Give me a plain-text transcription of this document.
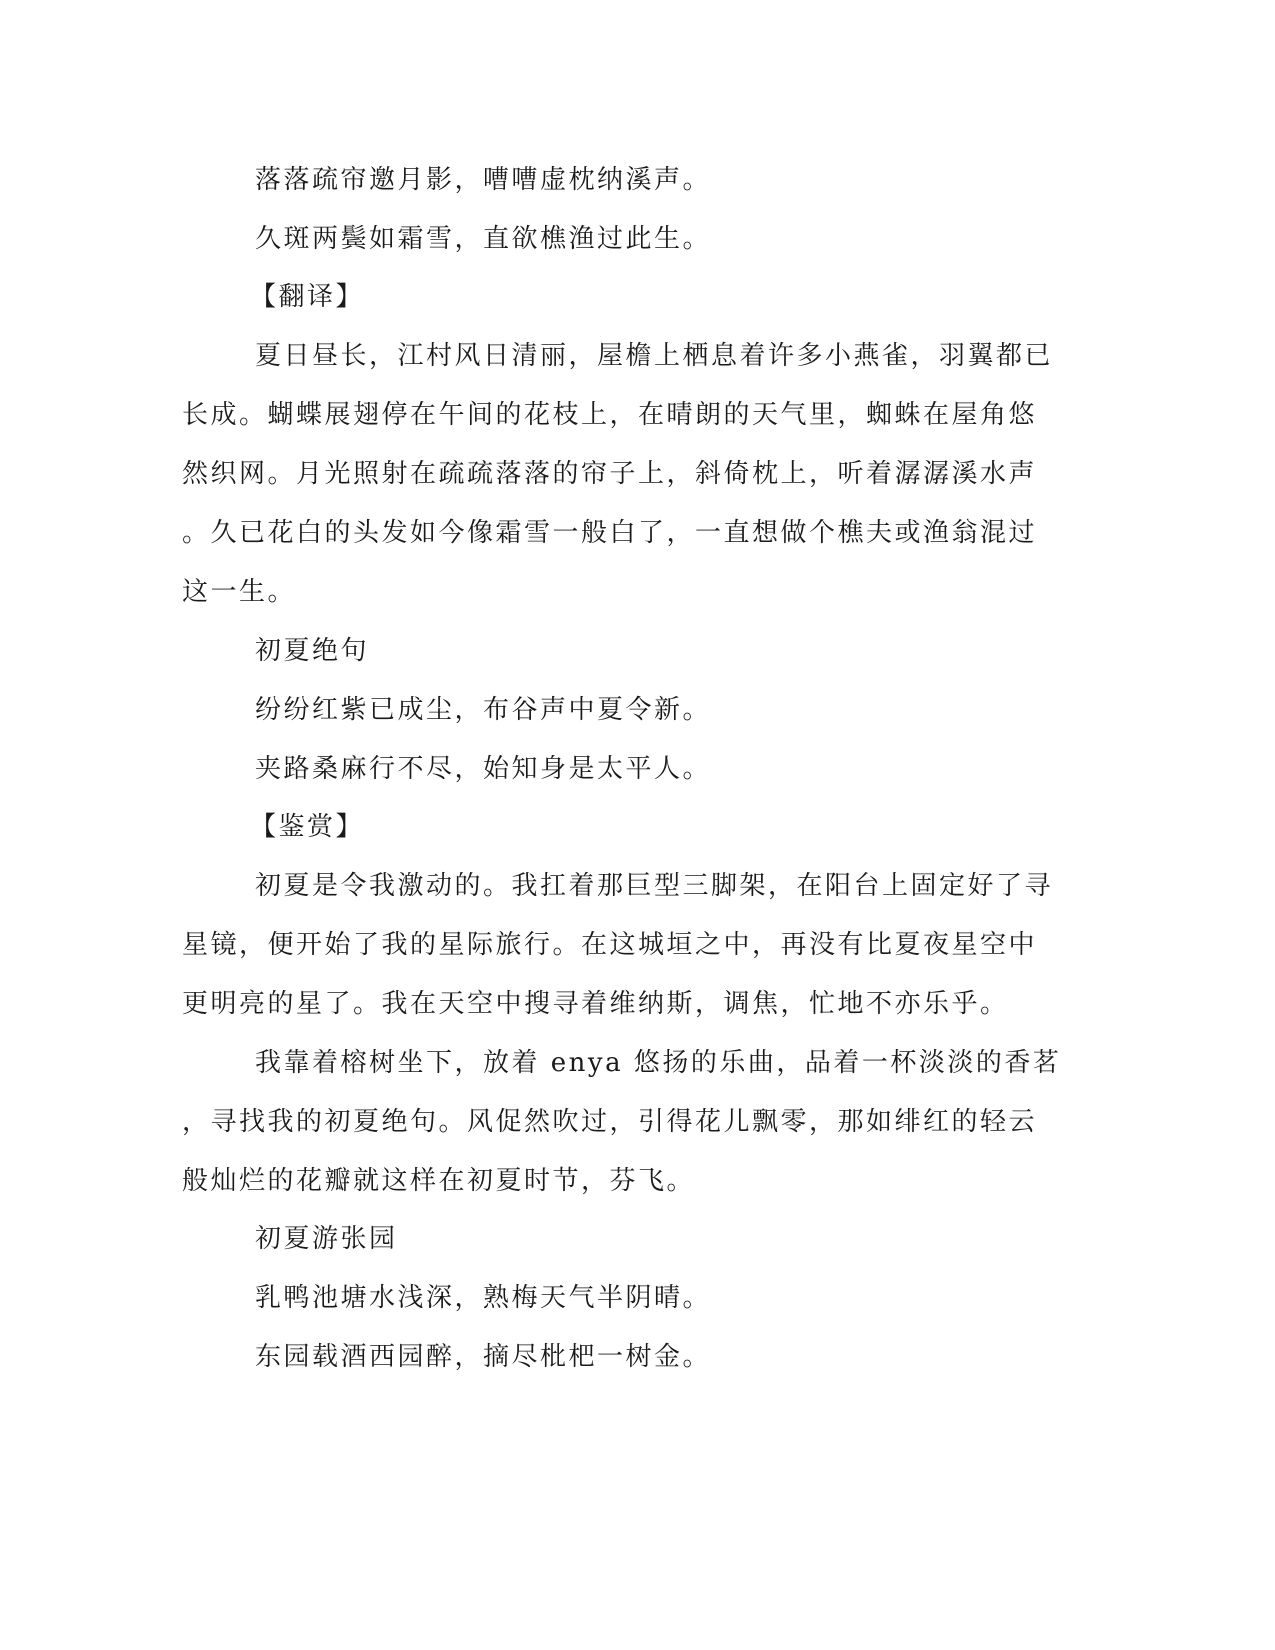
落落疏帘邀月影，嘈嘈虚枕纳溪声。
久斑两鬓如霜雪，直欲樵渔过此生。
【翻译】
夏日昼长，江村风日清丽，屋檐上栖息着许多小燕雀，羽翼都已
长成。蝴蝶展翅停在午间的花枝上，在晴朗的天气里，蜘蛛在屋角悠
然织网。月光照射在疏疏落落的帘子上，斜倚枕上，听着潺潺溪水声
。久已花白的头发如今像霜雪一般白了，一直想做个樵夫或渔翁混过
这一生。
初夏绝句
纷纷红紫已成尘，布谷声中夏令新。
夹路桑麻行不尽，始知身是太平人。
【鉴赏】
初夏是令我激动的。我扛着那巨型三脚架，在阳台上固定好了寻
星镜，便开始了我的星际旅行。在这城垣之中，再没有比夏夜星空中
更明亮的星了。我在天空中搜寻着维纳斯，调焦，忙地不亦乐乎。
我靠着榕树坐下，放着 enya 悠扬的乐曲，品着一杯淡淡的香茗
，寻找我的初夏绝句。风促然吹过，引得花儿飘零，那如绯红的轻云
般灿烂的花瓣就这样在初夏时节，芬飞。
初夏游张园
乳鸭池塘水浅深，熟梅天气半阴晴。
东园载酒西园醉，摘尽枇杷一树金。
